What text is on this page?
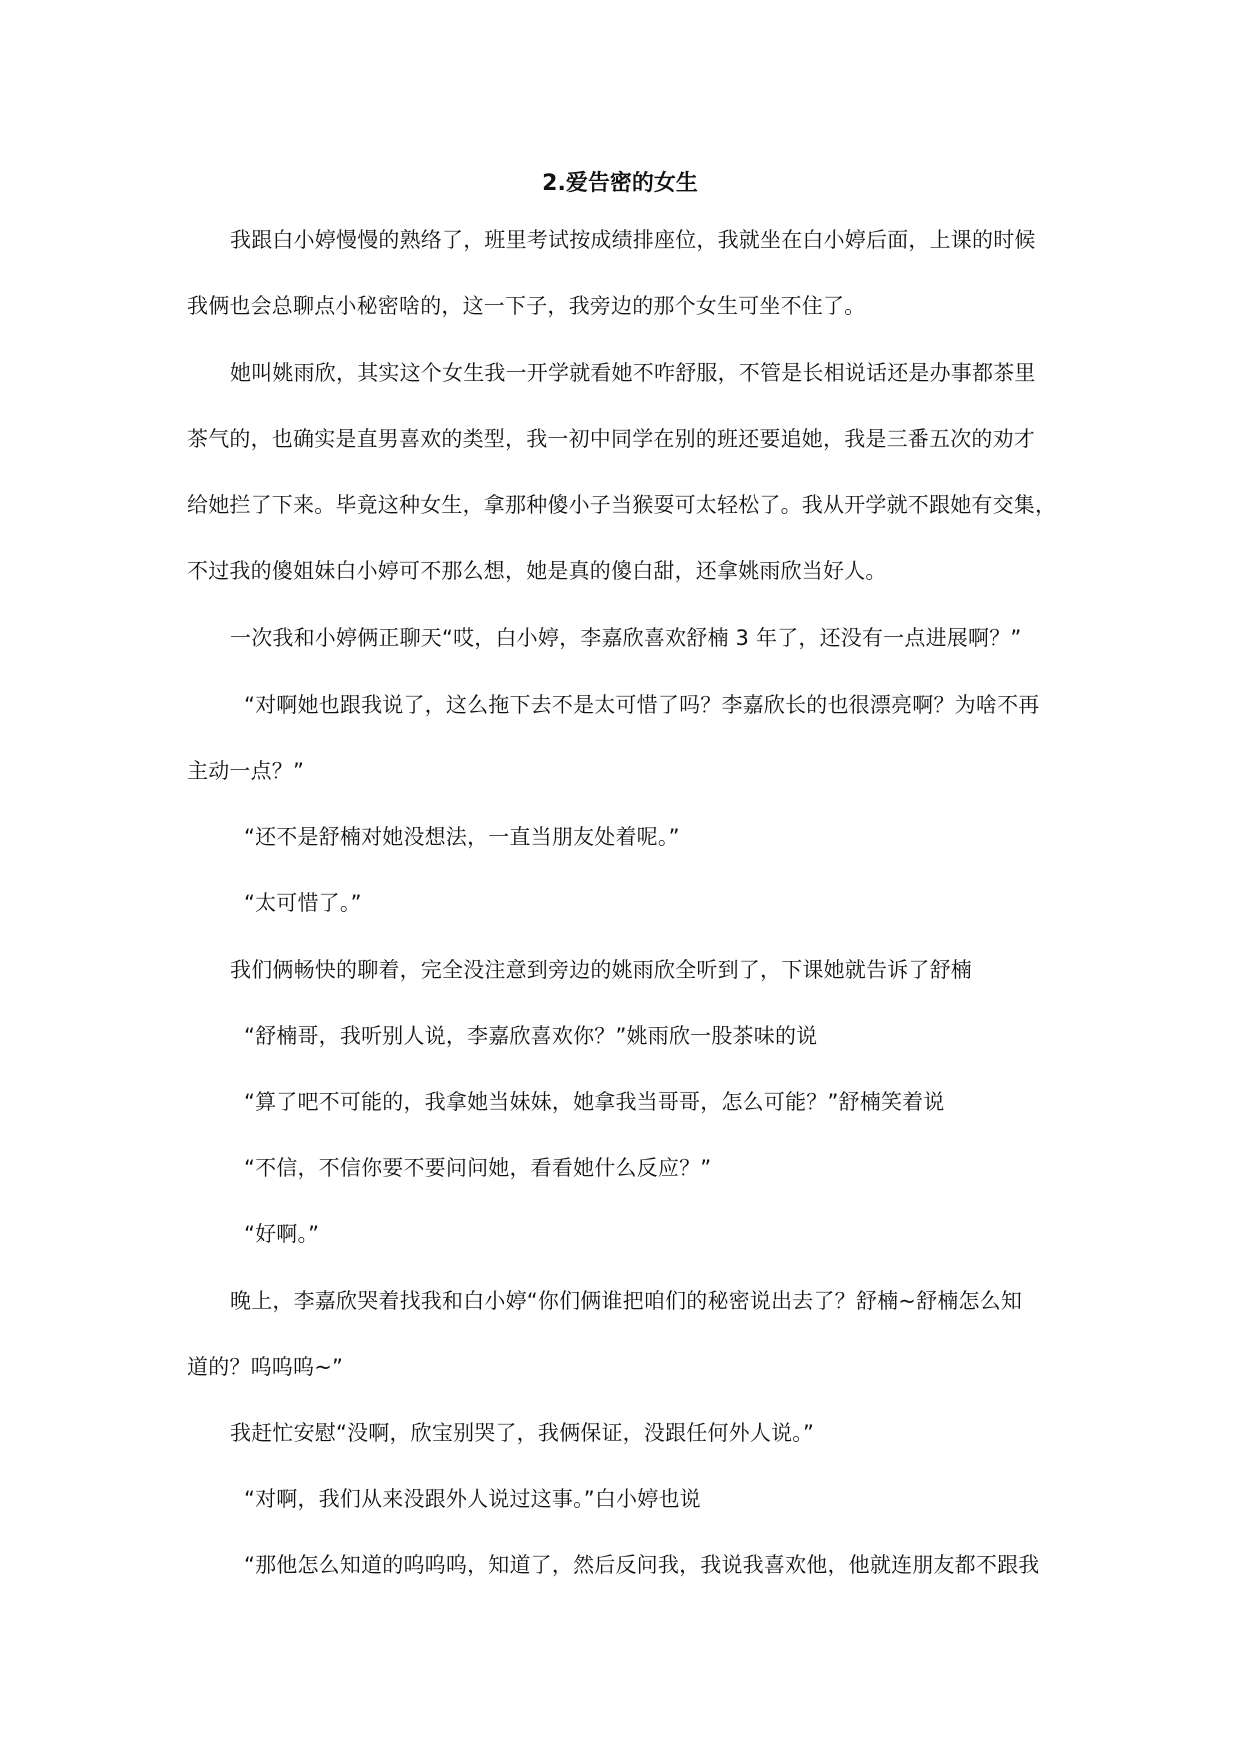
2.爱告密的女生
我跟白小婷慢慢的熟络了，班里考试按成绩排座位，我就坐在白小婷后面，上课的时候
我俩也会总聊点小秘密啥的，这一下子，我旁边的那个女生可坐不住了。
她叫姚雨欣，其实这个女生我一开学就看她不咋舒服，不管是长相说话还是办事都茶里
茶气的，也确实是直男喜欢的类型，我一初中同学在别的班还要追她，我是三番五次的劝才
给她拦了下来。毕竟这种女生，拿那种傻小子当猴耍可太轻松了。我从开学就不跟她有交集，
不过我的傻姐妹白小婷可不那么想，她是真的傻白甜，还拿姚雨欣当好人。
一次我和小婷俩正聊天“哎，白小婷，李嘉欣喜欢舒楠 3 年了，还没有一点进展啊？”
“对啊她也跟我说了，这么拖下去不是太可惜了吗？李嘉欣长的也很漂亮啊？为啥不再
主动一点？”
“还不是舒楠对她没想法，一直当朋友处着呢。”
“太可惜了。”
我们俩畅快的聊着，完全没注意到旁边的姚雨欣全听到了，下课她就告诉了舒楠
“舒楠哥，我听别人说，李嘉欣喜欢你？”姚雨欣一股茶味的说
“算了吧不可能的，我拿她当妹妹，她拿我当哥哥，怎么可能？”舒楠笑着说
“不信，不信你要不要问问她，看看她什么反应？”
“好啊。”
晚上，李嘉欣哭着找我和白小婷“你们俩谁把咱们的秘密说出去了？舒楠~舒楠怎么知
道的？呜呜呜~”
我赶忙安慰“没啊，欣宝别哭了，我俩保证，没跟任何外人说。”
“对啊，我们从来没跟外人说过这事。”白小婷也说
“那他怎么知道的呜呜呜，知道了，然后反问我，我说我喜欢他，他就连朋友都不跟我
